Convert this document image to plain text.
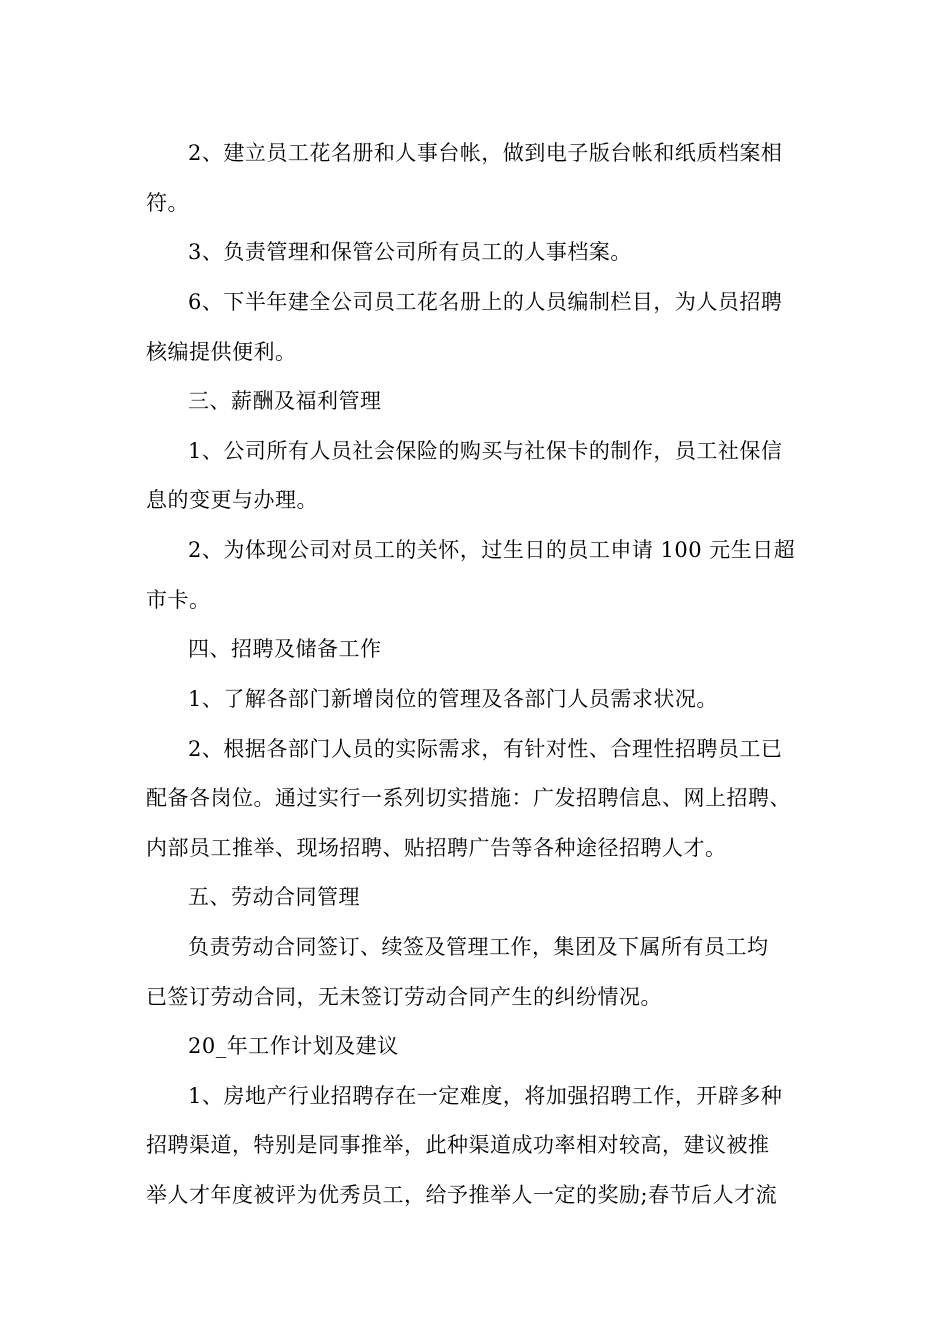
2、建立员工花名册和人事台帐，做到电子版台帐和纸质档案相
符。
3、负责管理和保管公司所有员工的人事档案。
6、下半年建全公司员工花名册上的人员编制栏目，为人员招聘
核编提供便利。
三、薪酬及福利管理
1、公司所有人员社会保险的购买与社保卡的制作，员工社保信
息的变更与办理。
2、为体现公司对员工的关怀，过生日的员工申请 100 元生日超
市卡。
四、招聘及储备工作
1、了解各部门新增岗位的管理及各部门人员需求状况。
2、根据各部门人员的实际需求，有针对性、合理性招聘员工已
配备各岗位。通过实行一系列切实措施：广发招聘信息、网上招聘、
内部员工推举、现场招聘、贴招聘广告等各种途径招聘人才。
五、劳动合同管理
负责劳动合同签订、续签及管理工作，集团及下属所有员工均
已签订劳动合同，无未签订劳动合同产生的纠纷情况。
20_年工作计划及建议
1、房地产行业招聘存在一定难度，将加强招聘工作，开辟多种
招聘渠道，特别是同事推举，此种渠道成功率相对较高，建议被推
举人才年度被评为优秀员工，给予推举人一定的奖励;春节后人才流
